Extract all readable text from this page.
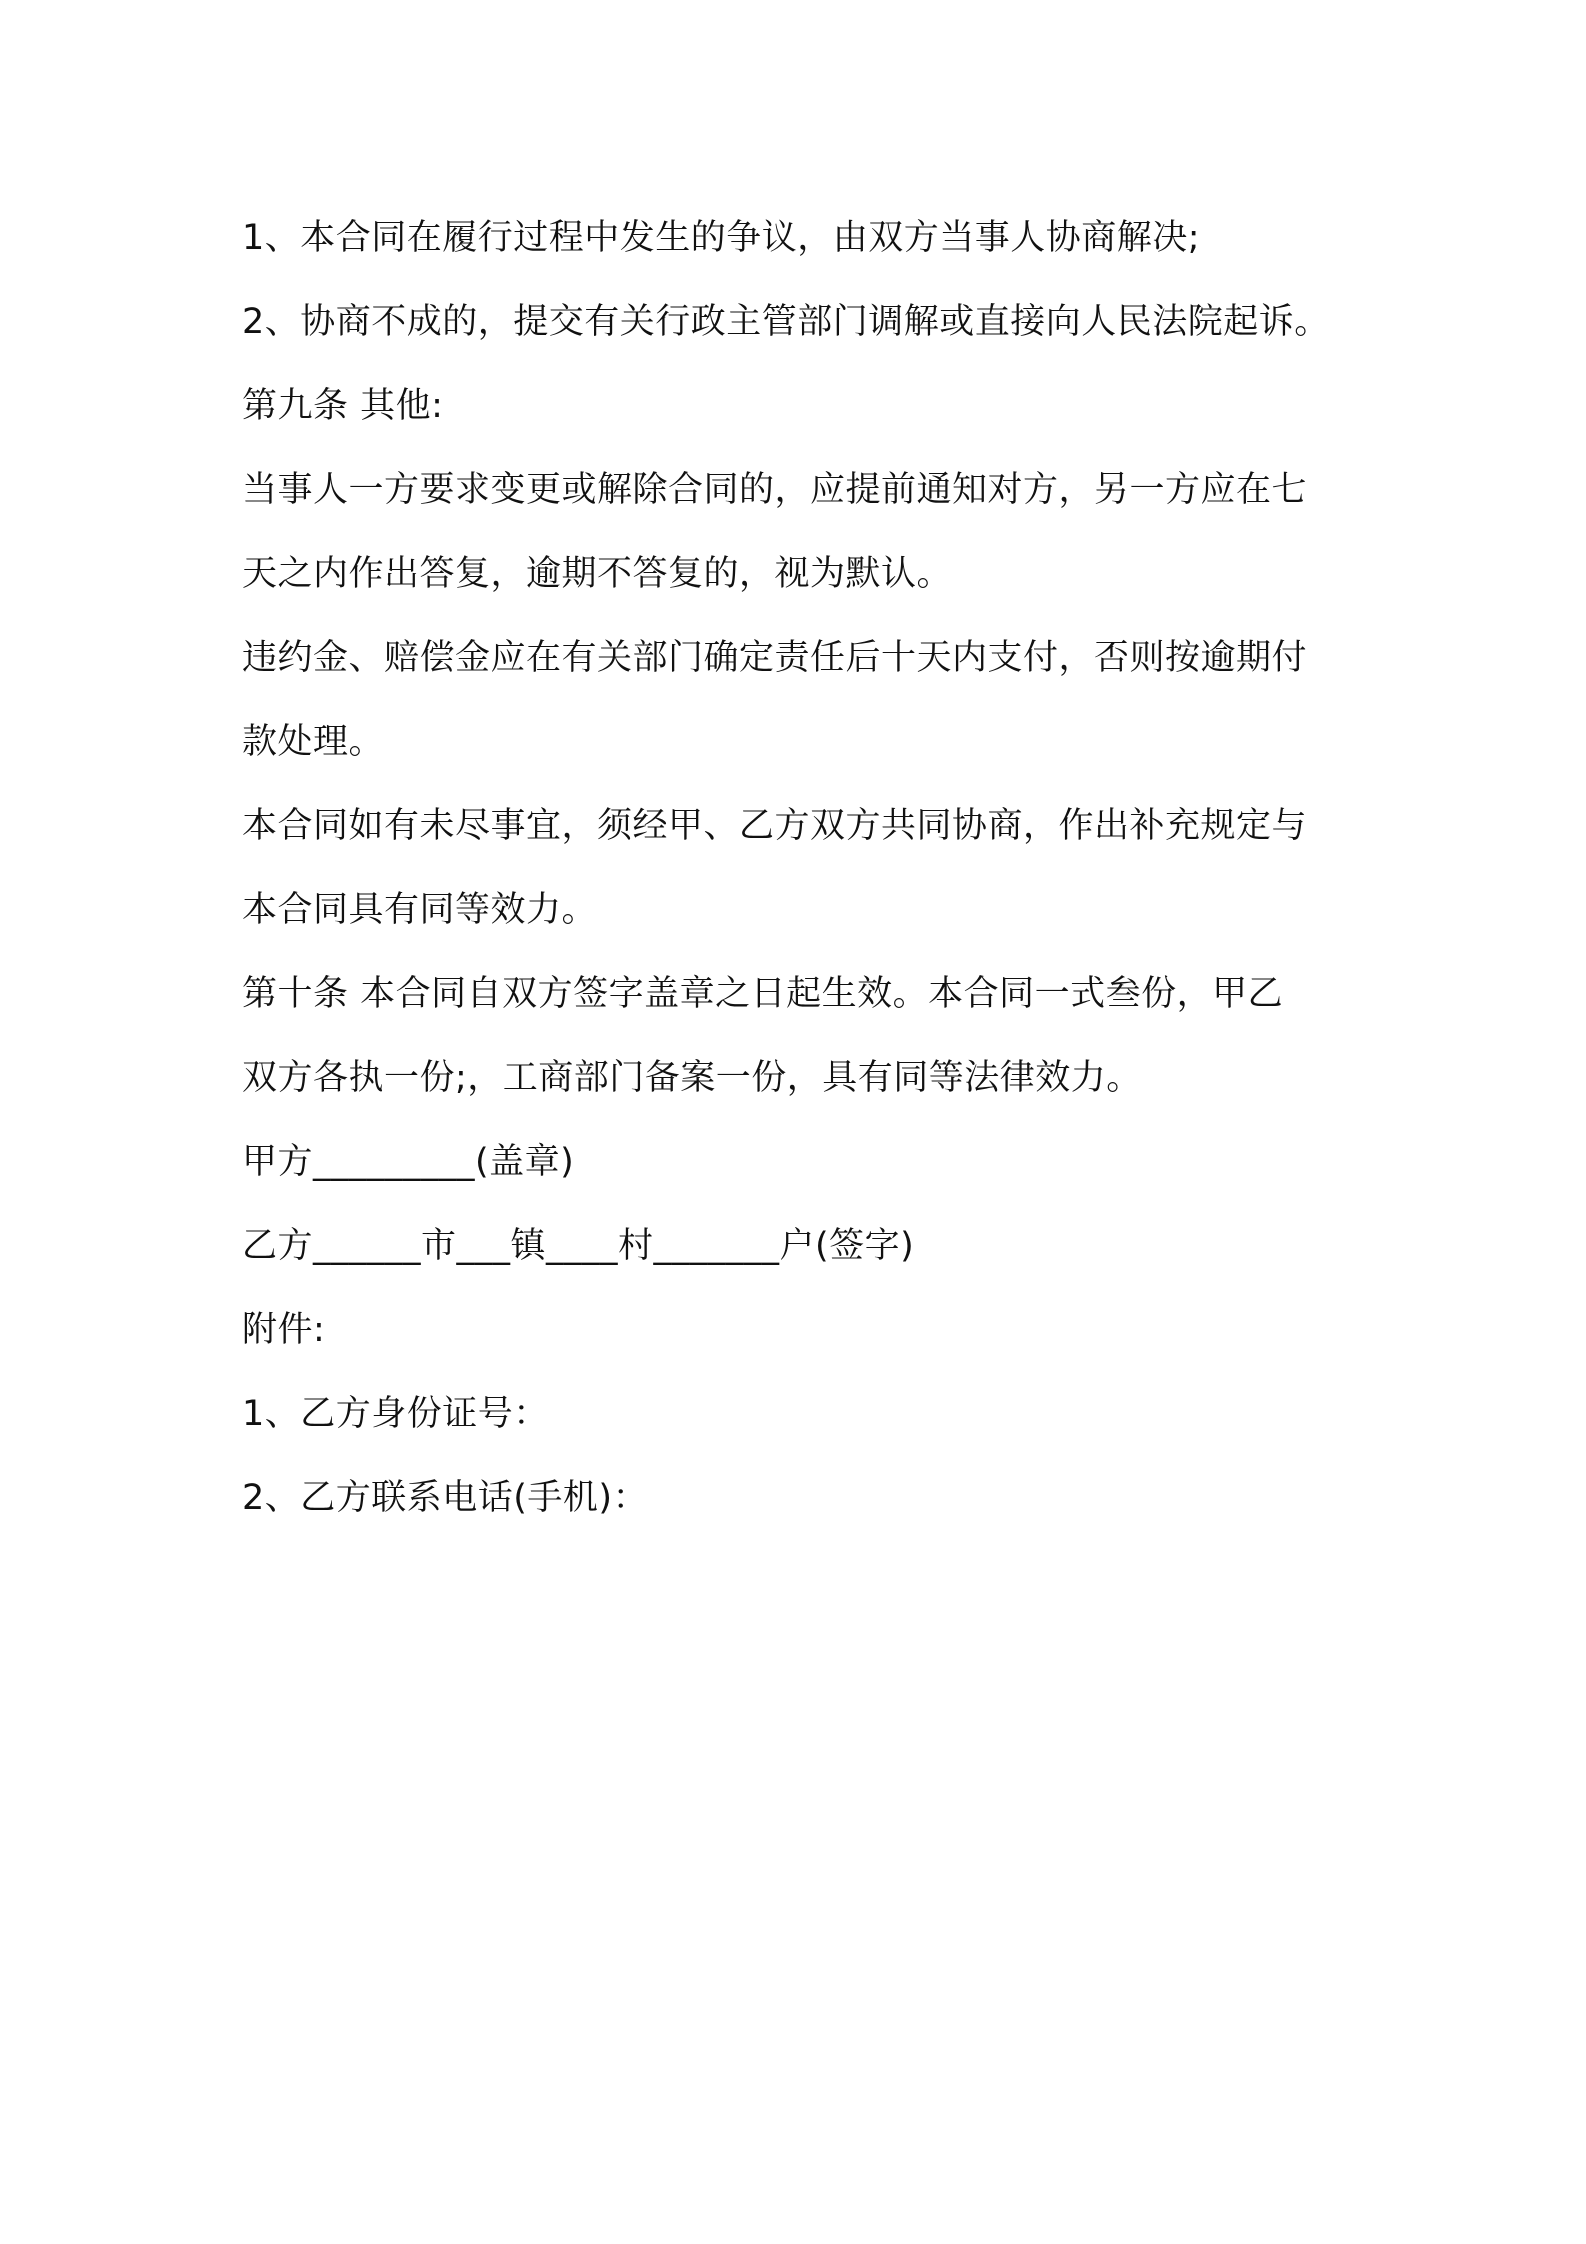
1、本合同在履行过程中发生的争议，由双方当事人协商解决;
2、协商不成的，提交有关行政主管部门调解或直接向人民法院起诉。
第九条 其他:
当事人一方要求变更或解除合同的，应提前通知对方，另一方应在七
天之内作出答复，逾期不答复的，视为默认。
违约金、赔偿金应在有关部门确定责任后十天内支付，否则按逾期付
款处理。
本合同如有未尽事宜，须经甲、乙方双方共同协商，作出补充规定与
本合同具有同等效力。
第十条 本合同自双方签字盖章之日起生效。本合同一式叁份，甲乙
双方各执一份;，工商部门备案一份，具有同等法律效力。
甲方_________(盖章)
乙方______市___镇____村_______户(签字)
附件:
1、乙方身份证号：
2、乙方联系电话(手机)：
